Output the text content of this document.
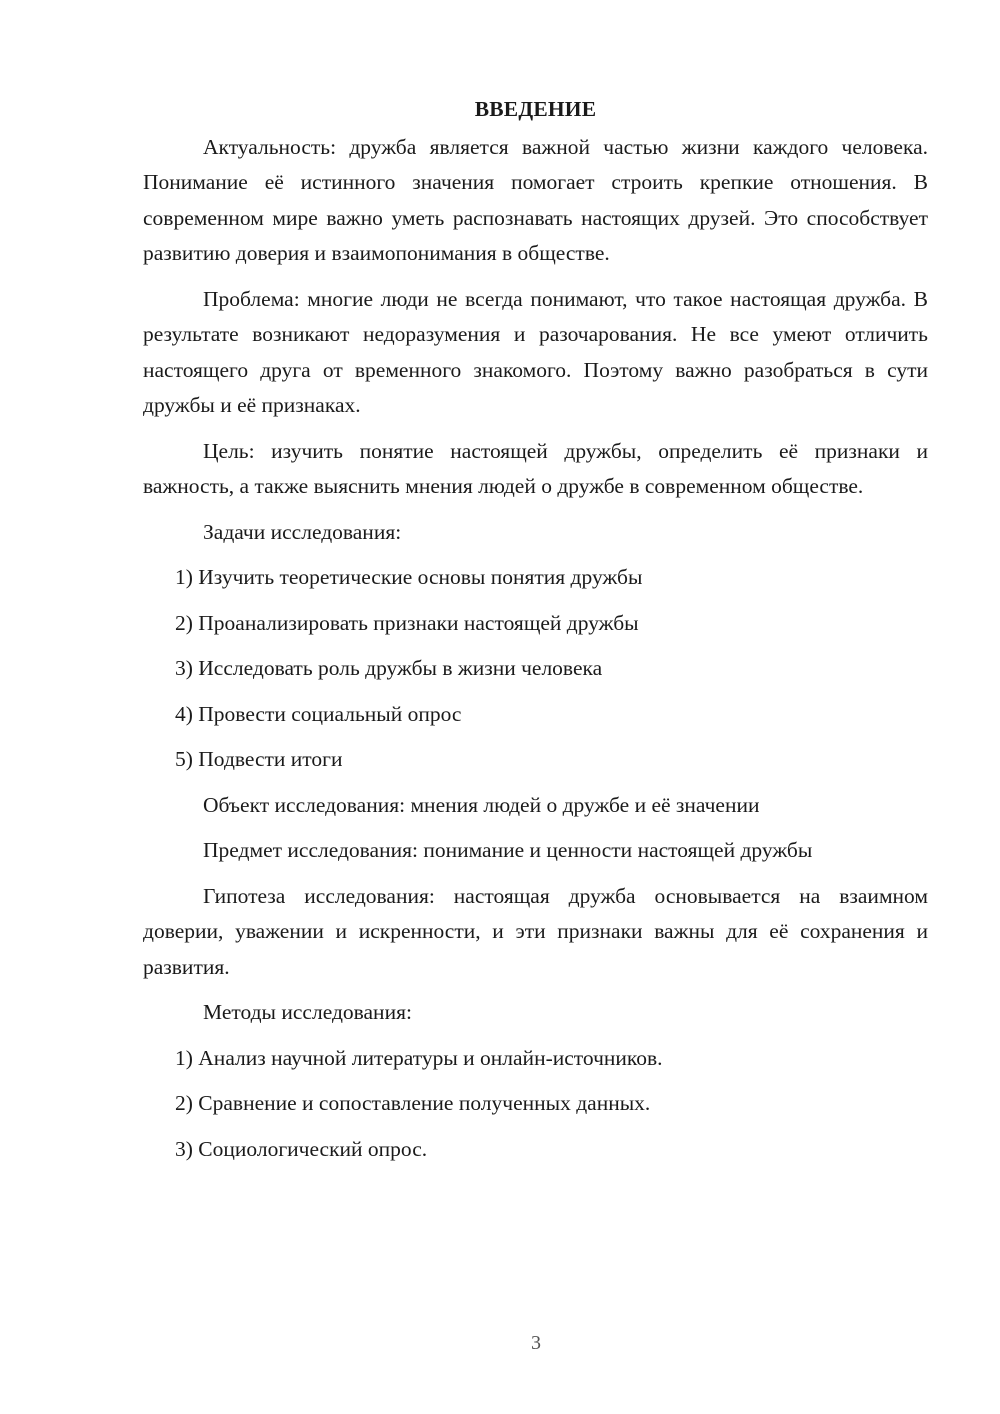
ВВЕДЕНИЕ

Актуальность: дружба является важной частью жизни каждого человека. Понимание её истинного значения помогает строить крепкие отношения. В современном мире важно уметь распознавать настоящих друзей. Это способствует развитию доверия и взаимопонимания в обществе.

Проблема: многие люди не всегда понимают, что такое настоящая дружба. В результате возникают недоразумения и разочарования. Не все умеют отличить настоящего друга от временного знакомого. Поэтому важно разобраться в сути дружбы и её признаках.

Цель: изучить понятие настоящей дружбы, определить её признаки и важность, а также выяснить мнения людей о дружбе в современном обществе.

Задачи исследования:

1) Изучить теоретические основы понятия дружбы
2) Проанализировать признаки настоящей дружбы
3) Исследовать роль дружбы в жизни человека
4) Провести социальный опрос
5) Подвести итоги

Объект исследования: мнения людей о дружбе и её значении

Предмет исследования: понимание и ценности настоящей дружбы

Гипотеза исследования: настоящая дружба основывается на взаимном доверии, уважении и искренности, и эти признаки важны для её сохранения и развития.

Методы исследования:

1) Анализ научной литературы и онлайн-источников.
2) Сравнение и сопоставление полученных данных.
3) Социологический опрос.
3
